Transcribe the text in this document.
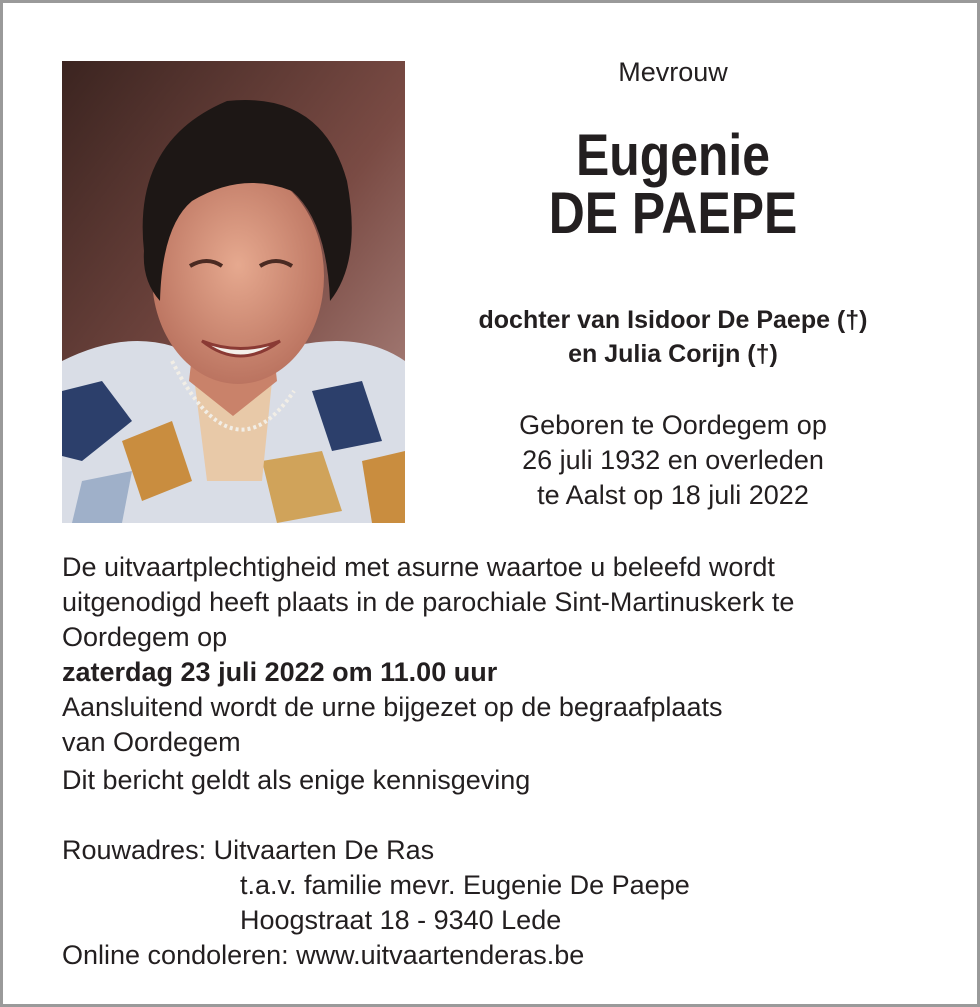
Mevrouw
Eugenie
DE PAEPE
dochter van Isidoor De Paepe (†)
en Julia Corijn (†)
Geboren te Oordegem op
26 juli 1932 en overleden
te Aalst op 18 juli 2022
De uitvaartplechtigheid met asurne waartoe u beleefd wordt
uitgenodigd heeft plaats in de parochiale Sint-Martinuskerk te
Oordegem op
zaterdag 23 juli 2022 om 11.00 uur
Aansluitend wordt de urne bijgezet op de begraafplaats
van Oordegem
Dit bericht geldt als enige kennisgeving
Rouwadres: Uitvaarten De Ras
t.a.v. familie mevr. Eugenie De Paepe
Hoogstraat 18 - 9340 Lede
Online condoleren: www.uitvaartenderas.be
